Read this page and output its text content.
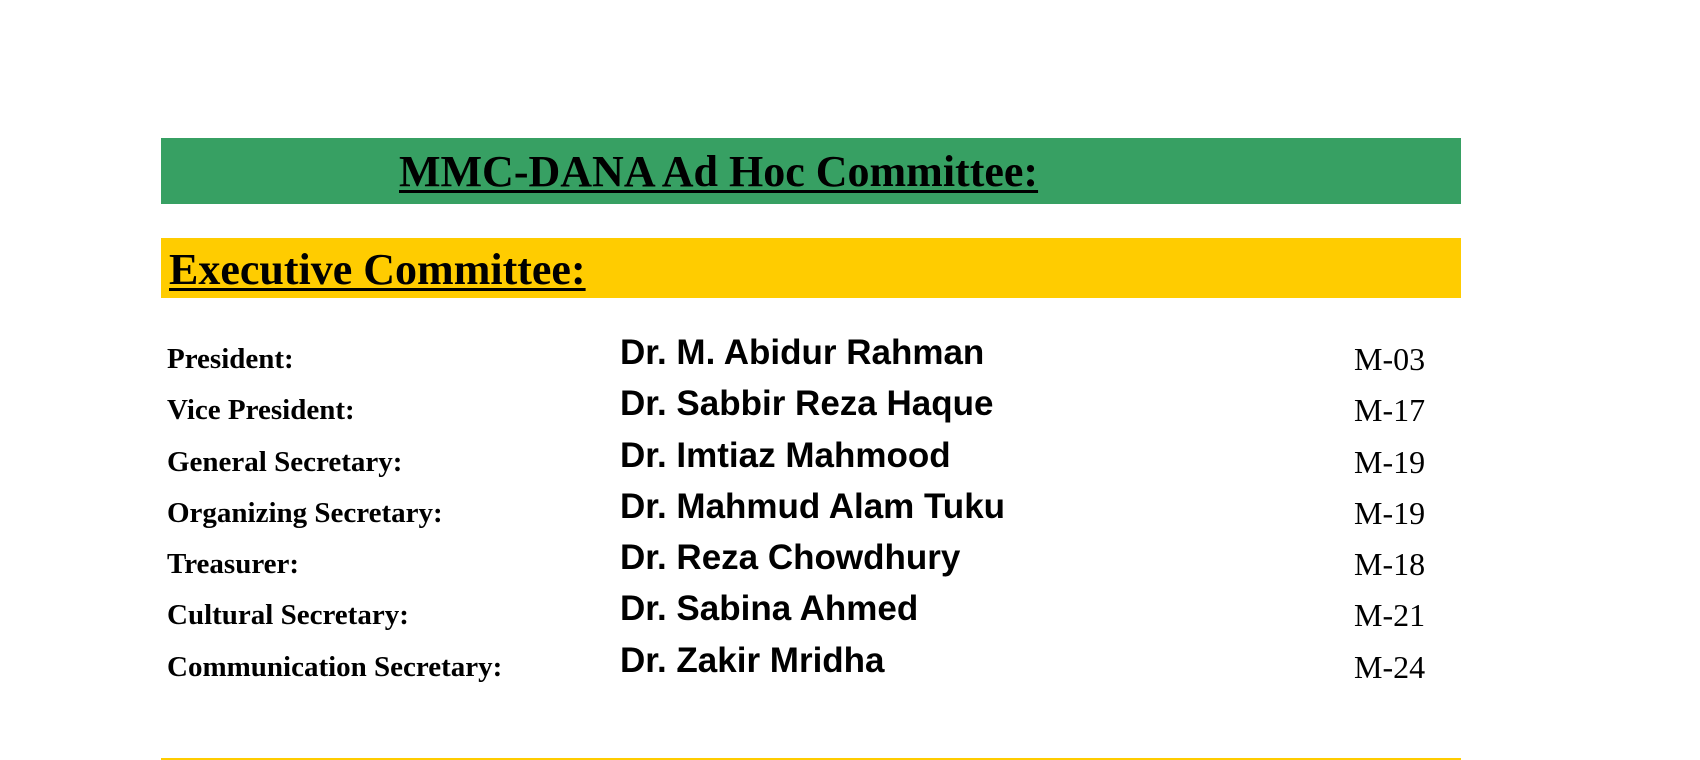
MMC-DANA Ad Hoc Committee:
Executive Committee:
President:	Dr. M. Abidur Rahman	M-03
Vice President:	Dr. Sabbir Reza Haque	M-17
General Secretary:	Dr. Imtiaz Mahmood	M-19
Organizing Secretary:	Dr. Mahmud Alam Tuku	M-19
Treasurer:	Dr. Reza Chowdhury	M-18
Cultural Secretary:	Dr. Sabina Ahmed	M-21
Communication Secretary:	Dr. Zakir Mridha	M-24
